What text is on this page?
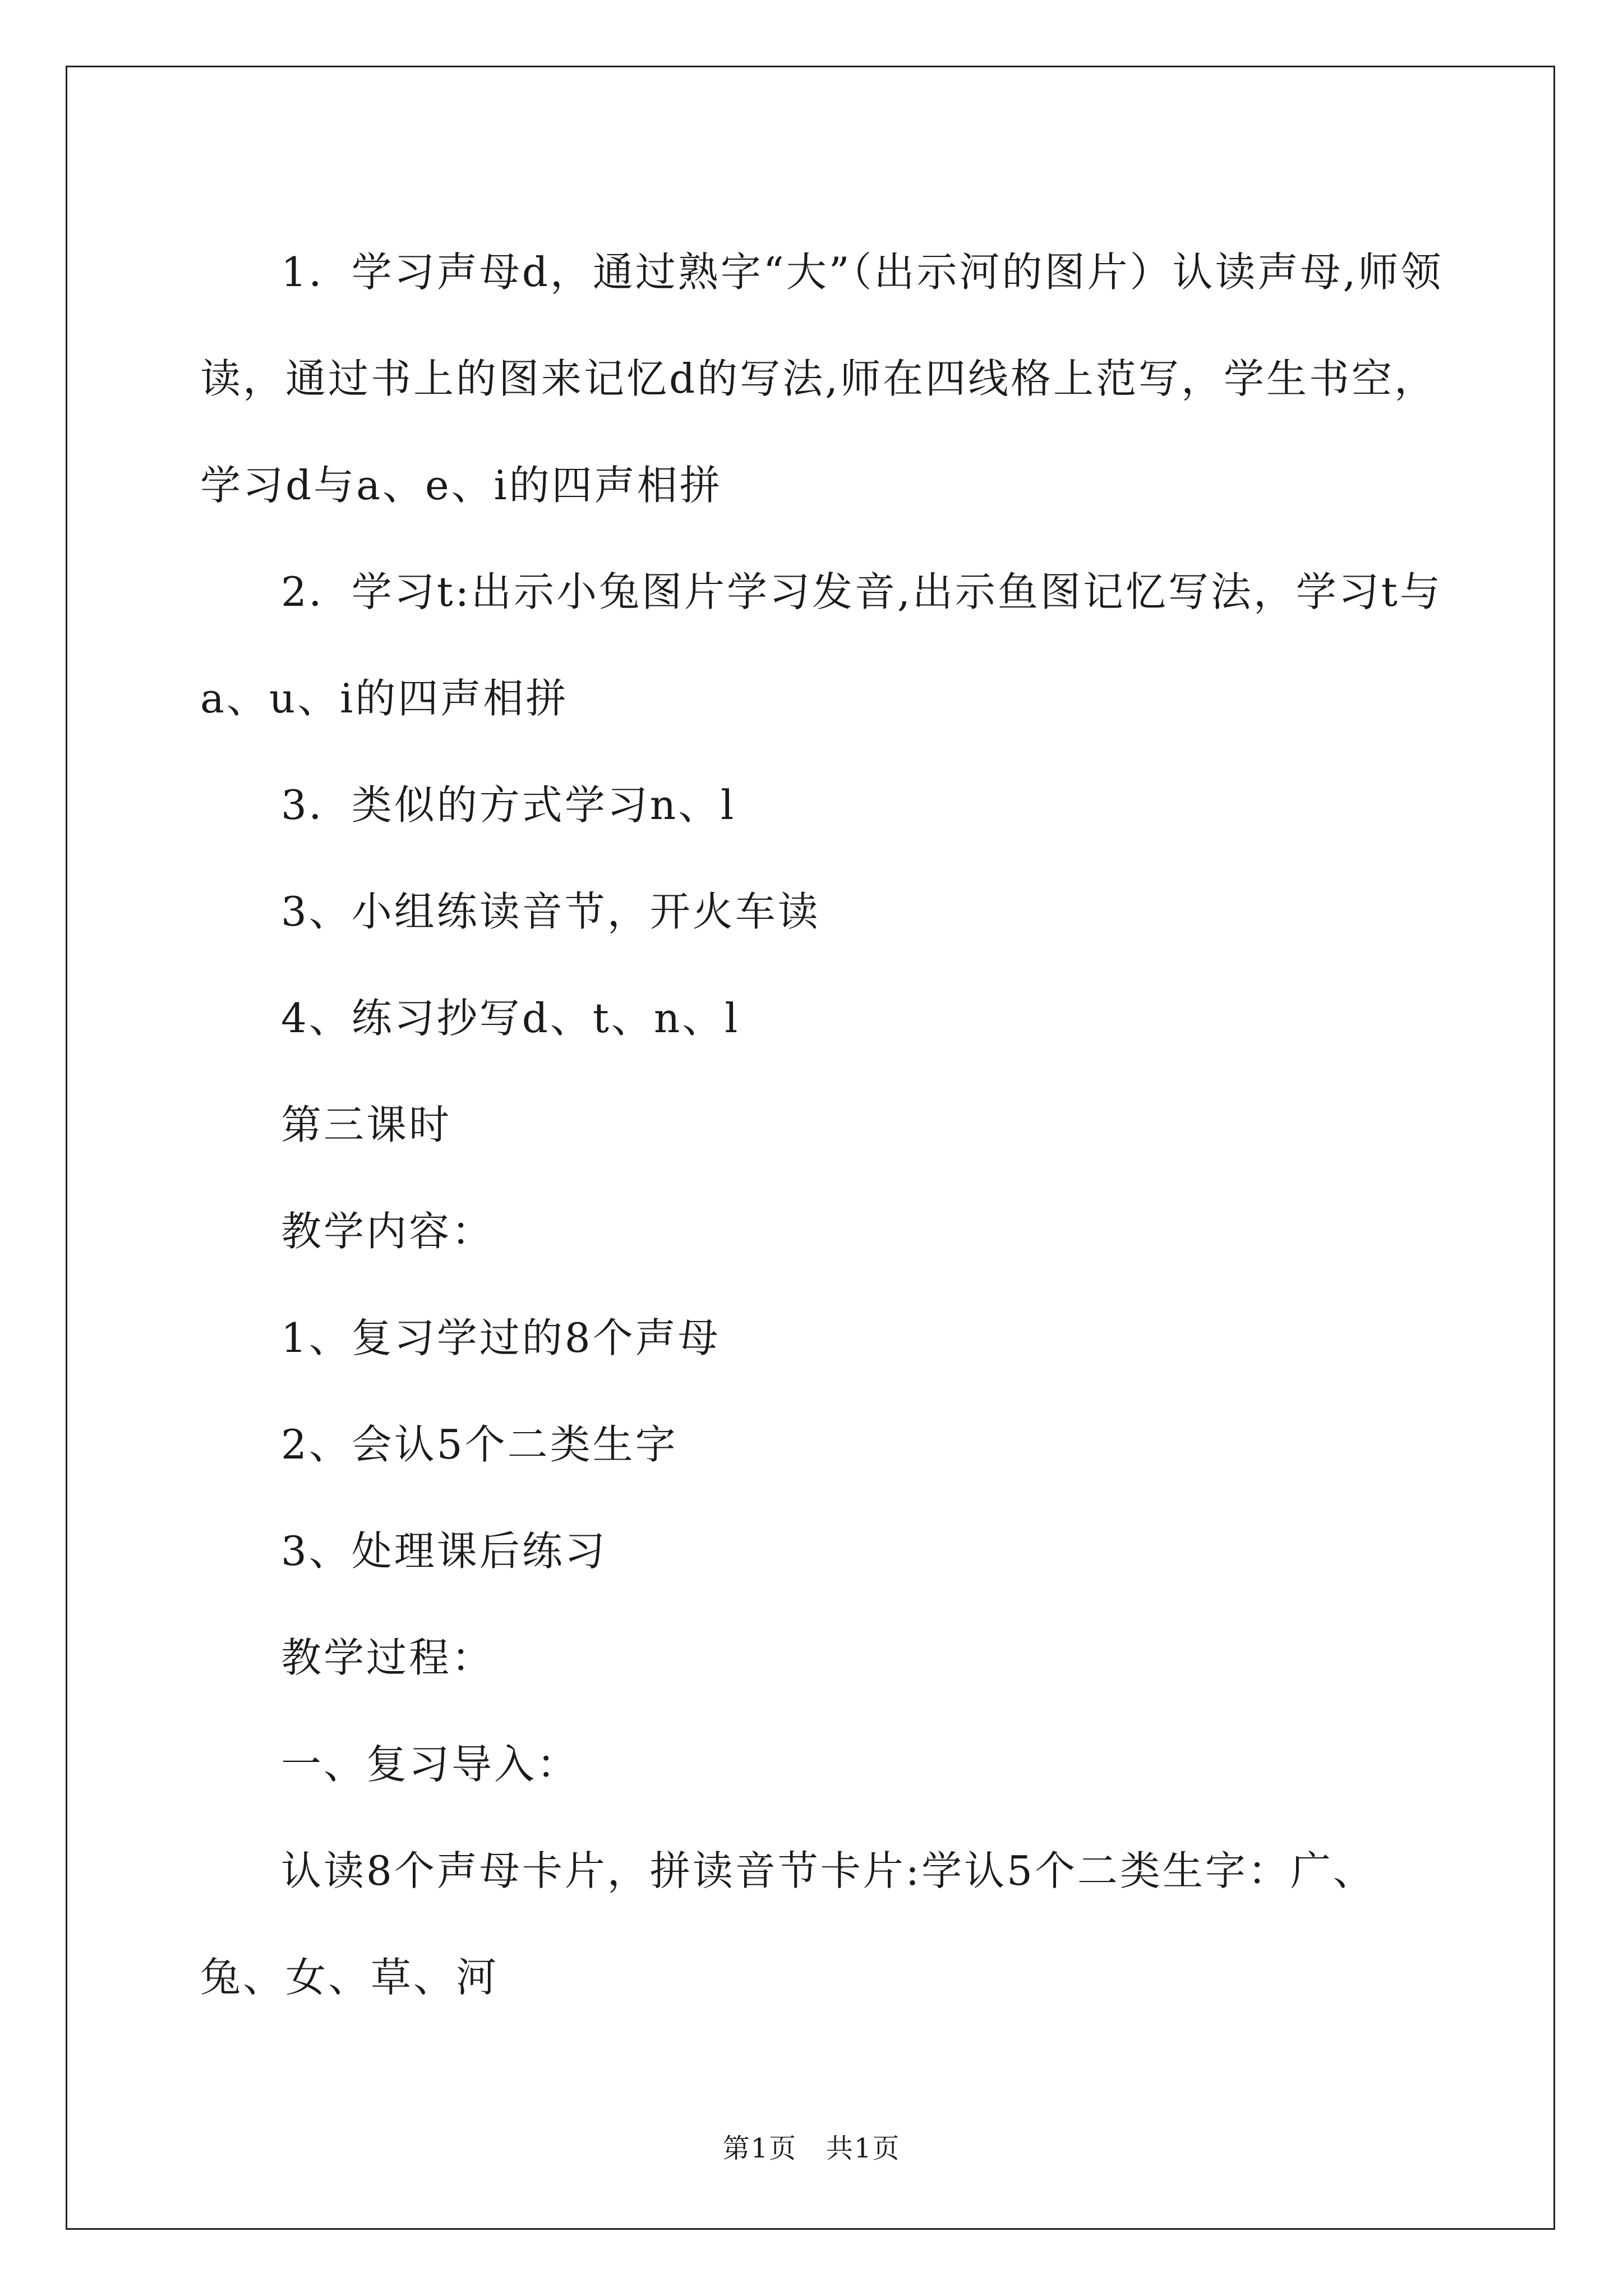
1．学习声母d，通过熟字“大”（出示河的图片）认读声母,师领读，通过书上的图来记忆d的写法,师在四线格上范写，学生书空，学习d与a、e、i的四声相拼

2．学习t:出示小兔图片学习发音,出示鱼图记忆写法，学习t与a、u、i的四声相拼

3．类似的方式学习n、l

3、小组练读音节，开火车读

4、练习抄写d、t、n、l

第三课时

教学内容：

1、复习学过的8个声母

2、会认5个二类生字

3、处理课后练习

教学过程：

一、复习导入：

认读8个声母卡片，拼读音节卡片:学认5个二类生字：广、兔、女、草、河

第1页 共1页
